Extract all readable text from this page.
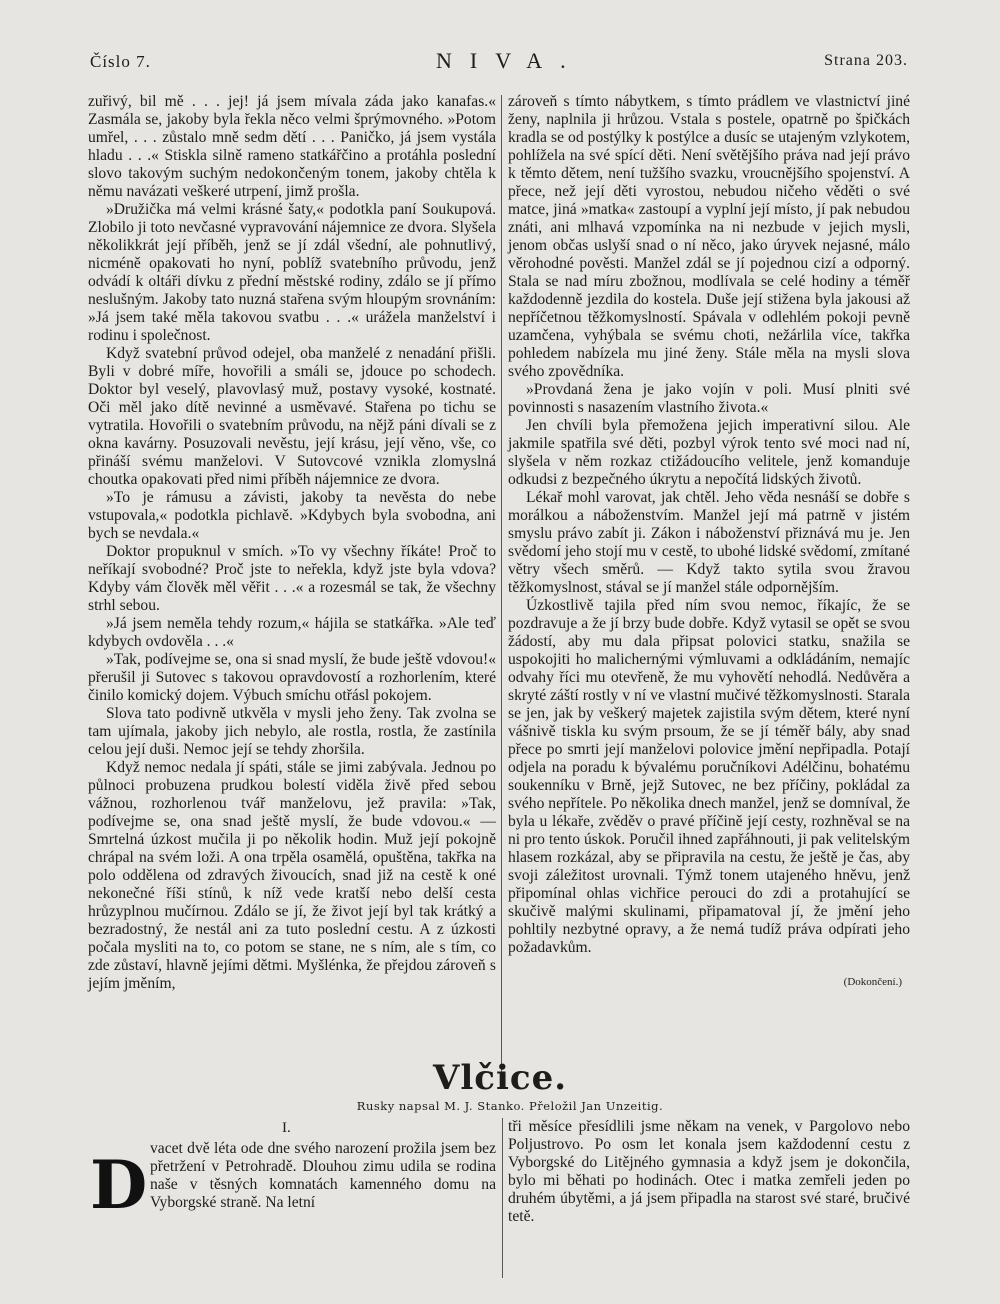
Číslo 7.	NIVA.	Strana 203.

zuřivý, bil mě . . . jej! já jsem mívala záda jako kanafas.« Zasmála se, jakoby byla řekla něco velmi šprýmovného. »Potom umřel, . . . zůstalo mně sedm dětí . . . Paničko, já jsem vystála hladu . . .« Stiskla silně rameno statkářčino a protáhla poslední slovo takovým suchým nedokončeným tonem, jakoby chtěla k němu navázati veškeré utrpení, jimž prošla.

»Družička má velmi krásné šaty,« podotkla paní Soukupová. Zlobilo ji toto nevčasné vypravování nájemnice ze dvora. Slyšela několikkrát její příběh, jenž se jí zdál všední, ale pohnutlivý, nicméně opakovati ho nyní, poblíž svatebního průvodu, jenž odvádí k oltáři dívku z přední městské rodiny, zdálo se jí přímo neslušným. Jakoby tato nuzná stařena svým hloupým srovnáním: »Já jsem také měla takovou svatbu . . .« urážela manželství i rodinu i společnost.

Když svatební průvod odejel, oba manželé z nenadání přišli. Byli v dobré míře, hovořili a smáli se, jdouce po schodech. Doktor byl veselý, plavovlasý muž, postavy vysoké, kostnaté. Oči měl jako dítě nevinné a usměvavé. Stařena po tichu se vytratila. Hovořili o svatebním průvodu, na nějž páni dívali se z okna kavárny. Posuzovali nevěstu, její krásu, její věno, vše, co přináší svému manželovi. V Sutovcové vznikla zlomyslná choutka opakovati před nimi příběh nájemnice ze dvora.

»To je rámusu a závisti, jakoby ta nevěsta do nebe vstupovala,« podotkla pichlavě. »Kdybych byla svobodna, ani bych se nevdala.«

Doktor propuknul v smích. »To vy všechny říkáte! Proč to neříkají svobodné? Proč jste to neřekla, když jste byla vdova? Kdyby vám člověk měl věřit . . .« a rozesmál se tak, že všechny strhl sebou.

»Já jsem neměla tehdy rozum,« hájila se statkářka. »Ale teď kdybych ovdověla . . .«

»Tak, podívejme se, ona si snad myslí, že bude ještě vdovou!« přerušil ji Sutovec s takovou opravdovostí a rozhorlením, které činilo komický dojem. Výbuch smíchu otřásl pokojem.

Slova tato podivně utkvěla v mysli jeho ženy. Tak zvolna se tam ujímala, jakoby jich nebylo, ale rostla, rostla, že zastínila celou její duši. Nemoc její se tehdy zhoršila.

Když nemoc nedala jí spáti, stále se jimi zabývala. Jednou po půlnoci probuzena prudkou bolestí viděla živě před sebou vážnou, rozhorlenou tvář manželovu, jež pravila: »Tak, podívejme se, ona snad ještě myslí, že bude vdovou.« — Smrtelná úzkost mučila ji po několik hodin. Muž její pokojně chrápal na svém loži. A ona trpěla osamělá, opuštěna, takřka na polo oddělena od zdravých živoucích, snad již na cestě k oné nekonečné říši stínů, k níž vede kratší nebo delší cesta hrůzyplnou mučírnou. Zdálo se jí, že život její byl tak krátký a bezradostný, že nestál ani za tuto poslední cestu. A z úzkosti počala mysliti na to, co potom se stane, ne s ním, ale s tím, co zde zůstaví, hlavně jejími dětmi. Myšlénka, že přejdou zároveň s jejím jměním,

zároveň s tímto nábytkem, s tímto prádlem ve vlastnictví jiné ženy, naplnila ji hrůzou. Vstala s postele, opatrně po špičkách kradla se od postýlky k postýlce a dusíc se utajeným vzlykotem, pohlížela na své spící děti. Není světějšího práva nad její právo k těmto dětem, není tužšího svazku, vroucnějšího spojenství. A přece, než její děti vyrostou, nebudou ničeho věděti o své matce, jiná »matka« zastoupí a vyplní její místo, jí pak nebudou znáti, ani mlhavá vzpomínka na ni nezbude v jejich mysli, jenom občas uslyší snad o ní něco, jako úryvek nejasné, málo věrohodné pověsti. Manžel zdál se jí pojednou cizí a odporný. Stala se nad míru zbožnou, modlívala se celé hodiny a téměř každodenně jezdila do kostela. Duše její stižena byla jakousi až nepříčetnou těžkomyslností. Spávala v odlehlém pokoji pevně uzamčena, vyhýbala se svému choti, nežárlila více, takřka pohledem nabízela mu jiné ženy. Stále měla na mysli slova svého zpovědníka.

»Provdaná žena je jako vojín v poli. Musí plniti své povinnosti s nasazením vlastního života.«

Jen chvíli byla přemožena jejich imperativní silou. Ale jakmile spatřila své děti, pozbyl výrok tento své moci nad ní, slyšela v něm rozkaz ctižádoucího velitele, jenž komanduje odkudsi z bezpečného úkrytu a nepočítá lidských životů.

Lékař mohl varovat, jak chtěl. Jeho věda nesnáší se dobře s morálkou a náboženstvím. Manžel její má patrně v jistém smyslu právo zabít ji. Zákon i náboženství přiznává mu je. Jen svědomí jeho stojí mu v cestě, to ubohé lidské svědomí, zmítané větry všech směrů. — Když takto sytila svou žravou těžkomyslnost, stával se jí manžel stále odpornějším.

Úzkostlivě tajila před ním svou nemoc, říkajíc, že se pozdravuje a že jí brzy bude dobře. Když vytasil se opět se svou žádostí, aby mu dala připsat polovici statku, snažila se uspokojiti ho malichernými výmluvami a odkládáním, nemajíc odvahy říci mu otevřeně, že mu vyhovětí nehodlá. Nedůvěra a skryté záští rostly v ní ve vlastní mučivé těžkomyslnosti. Starala se jen, jak by veškerý majetek zajistila svým dětem, které nyní vášnivě tiskla ku svým prsoum, že se jí téměř bály, aby snad přece po smrti její manželovi polovice jmění nepřipadla. Potají odjela na poradu k bývalému poručníkovi Adélčinu, bohatému soukenníku v Brně, jejž Sutovec, ne bez příčiny, pokládal za svého nepřítele. Po několika dnech manžel, jenž se domníval, že byla u lékaře, zvěděv o pravé příčině její cesty, rozhněval se na ni pro tento úskok. Poručil ihned zapřáhnouti, ji pak velitelským hlasem rozkázal, aby se připravila na cestu, že ještě je čas, aby svoji záležitost urovnali. Týmž tonem utajeného hněvu, jenž připomínal ohlas vichřice perouci do zdi a protahující se skučivě malými skulinami, připamatoval jí, že jmění jeho pohltily nezbytné opravy, a že nemá tudíž práva odpírati jeho požadavkům.

(Dokončení.)
Vlčice.
Rusky napsal M. J. Stanko. Přeložil Jan Unzeitig.
I.
D vacet dvě léta ode dne svého narození prožila jsem bez přetržení v Petrohradě. Dlouhou zimu udila se rodina naše v těsných komnatách kamenného domu na Vyborgské straně. Na letní

tři měsíce přesídlili jsme někam na venek, v Pargolovo nebo Poljustrovo. Po osm let konala jsem každodenní cestu z Vyborgské do Litějného gymnasia a když jsem je dokončila, bylo mi běhati po hodinách. Otec i matka zemřeli jeden po druhém úbytěmi, a já jsem připadla na starost své staré, bručivé tetě.
